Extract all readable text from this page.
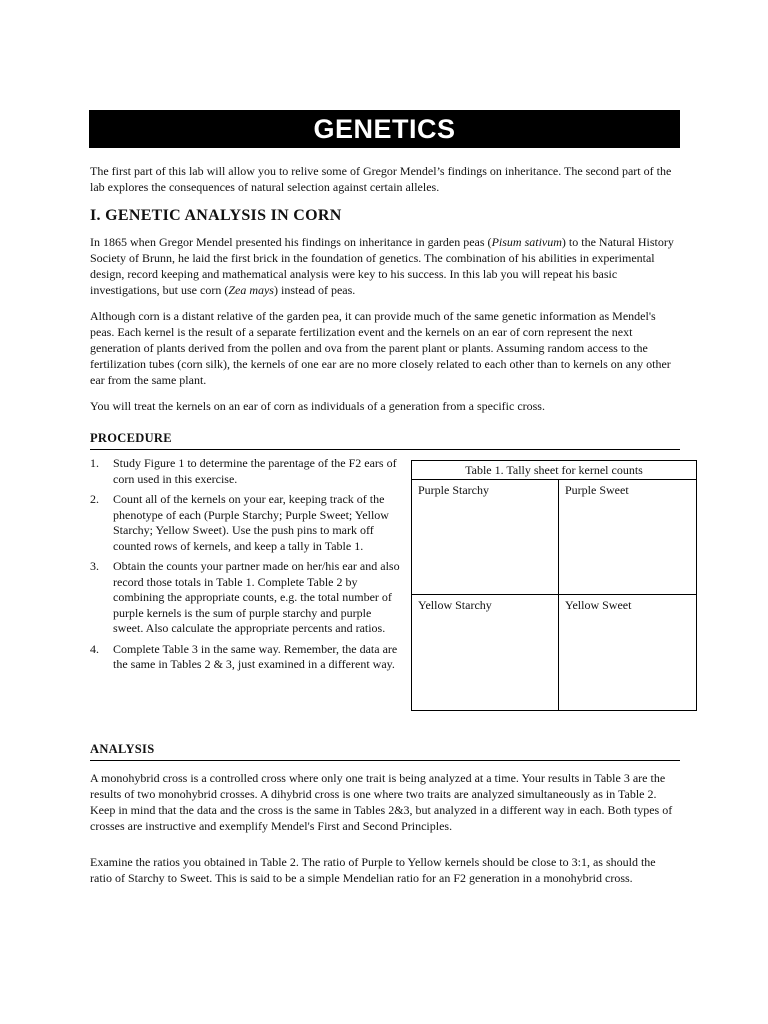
GENETICS

The first part of this lab will allow you to relive some of Gregor Mendel’s findings on inheritance. The second part of the lab explores the consequences of natural selection against certain alleles.

I. GENETIC ANALYSIS IN CORN

In 1865 when Gregor Mendel presented his findings on inheritance in garden peas (Pisum sativum) to the Natural History Society of Brunn, he laid the first brick in the foundation of genetics. The combination of his abilities in experimental design, record keeping and mathematical analysis were key to his success. In this lab you will repeat his basic investigations, but use corn (Zea mays) instead of peas.

Although corn is a distant relative of the garden pea, it can provide much of the same genetic information as Mendel's peas. Each kernel is the result of a separate fertilization event and the kernels on an ear of corn represent the next generation of plants derived from the pollen and ova from the parent plant or plants. Assuming random access to the fertilization tubes (corn silk), the kernels of one ear are no more closely related to each other than to kernels on any other ear from the same plant.

You will treat the kernels on an ear of corn as individuals of a generation from a specific cross.

PROCEDURE
1. Study Figure 1 to determine the parentage of the F2 ears of corn used in this exercise.
2. Count all of the kernels on your ear, keeping track of the phenotype of each (Purple Starchy; Purple Sweet; Yellow Starchy; Yellow Sweet). Use the push pins to mark off counted rows of kernels, and keep a tally in Table 1.
3. Obtain the counts your partner made on her/his ear and also record those totals in Table 1. Complete Table 2 by combining the appropriate counts, e.g. the total number of purple kernels is the sum of purple starchy and purple sweet. Also calculate the appropriate percents and ratios.
4. Complete Table 3 in the same way. Remember, the data are the same in Tables 2 & 3, just examined in a different way.
Table 1. Tally sheet for kernel counts
Purple Starchy	Purple Sweet
Yellow Starchy	Yellow Sweet
ANALYSIS

A monohybrid cross is a controlled cross where only one trait is being analyzed at a time. Your results in Table 3 are the results of two monohybrid crosses. A dihybrid cross is one where two traits are analyzed simultaneously as in Table 2. Keep in mind that the data and the cross is the same in Tables 2&3, but analyzed in a different way in each. Both types of crosses are instructive and exemplify Mendel's First and Second Principles.

Examine the ratios you obtained in Table 2. The ratio of Purple to Yellow kernels should be close to 3:1, as should the ratio of Starchy to Sweet. This is said to be a simple Mendelian ratio for an F2 generation in a monohybrid cross.
